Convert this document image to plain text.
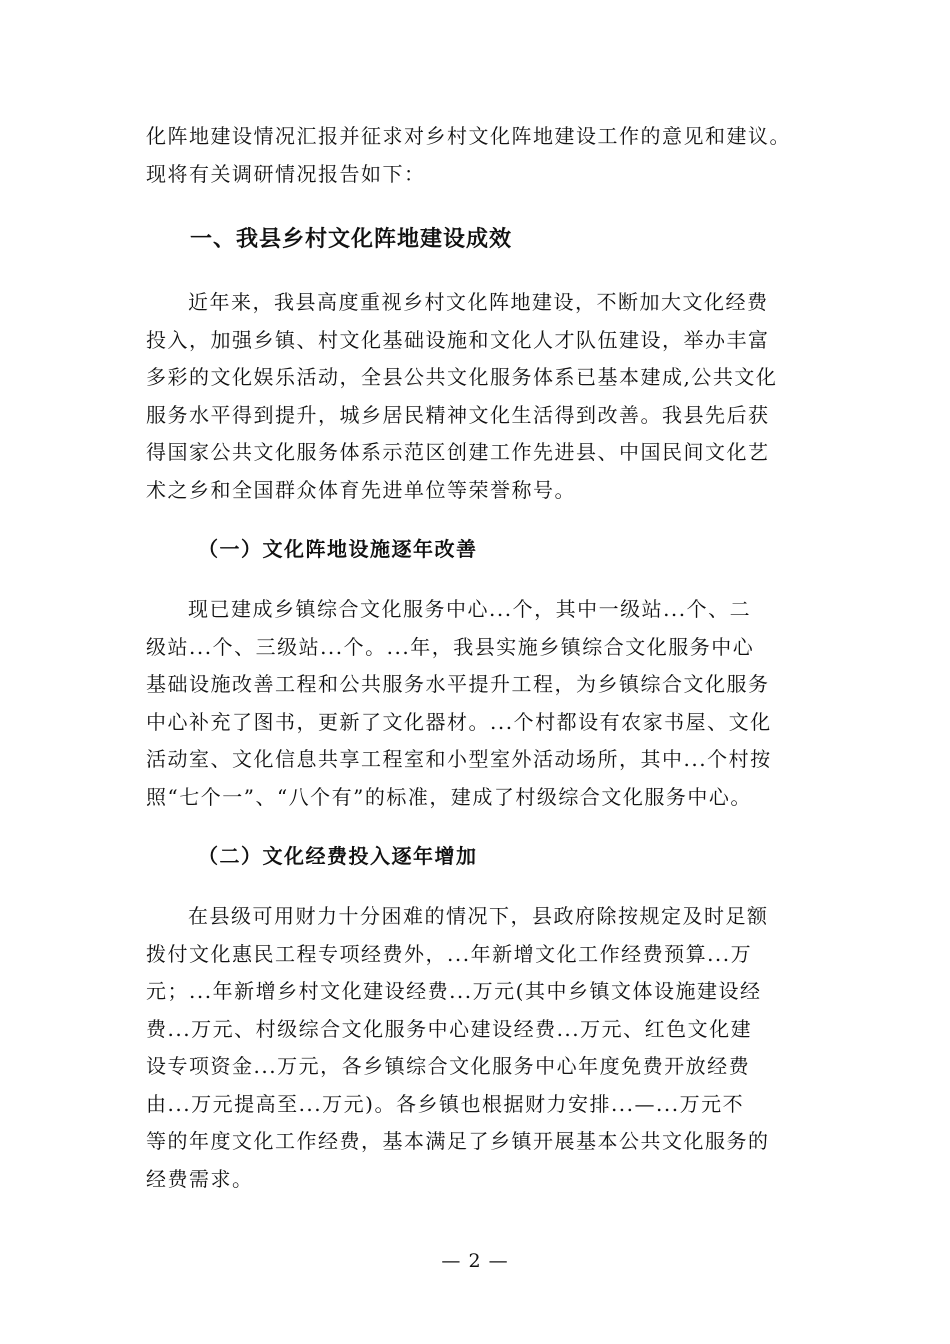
化阵地建设情况汇报并征求对乡村文化阵地建设工作的意见和建议。
现将有关调研情况报告如下：
一、我县乡村文化阵地建设成效
近年来，我县高度重视乡村文化阵地建设，不断加大文化经费
投入，加强乡镇、村文化基础设施和文化人才队伍建设，举办丰富
多彩的文化娱乐活动，全县公共文化服务体系已基本建成,公共文化
服务水平得到提升，城乡居民精神文化生活得到改善。我县先后获
得国家公共文化服务体系示范区创建工作先进县、中国民间文化艺
术之乡和全国群众体育先进单位等荣誉称号。
（一）文化阵地设施逐年改善
现已建成乡镇综合文化服务中心...个，其中一级站...个、二
级站...个、三级站...个。...年，我县实施乡镇综合文化服务中心
基础设施改善工程和公共服务水平提升工程，为乡镇综合文化服务
中心补充了图书，更新了文化器材。...个村都设有农家书屋、文化
活动室、文化信息共享工程室和小型室外活动场所，其中...个村按
照“七个一”、“八个有”的标准，建成了村级综合文化服务中心。
（二）文化经费投入逐年增加
在县级可用财力十分困难的情况下，县政府除按规定及时足额
拨付文化惠民工程专项经费外，...年新增文化工作经费预算...万
元；...年新增乡村文化建设经费...万元(其中乡镇文体设施建设经
费...万元、村级综合文化服务中心建设经费...万元、红色文化建
设专项资金...万元，各乡镇综合文化服务中心年度免费开放经费
由...万元提高至...万元)。各乡镇也根据财力安排...—...万元不
等的年度文化工作经费，基本满足了乡镇开展基本公共文化服务的
经费需求。
— 2 —
